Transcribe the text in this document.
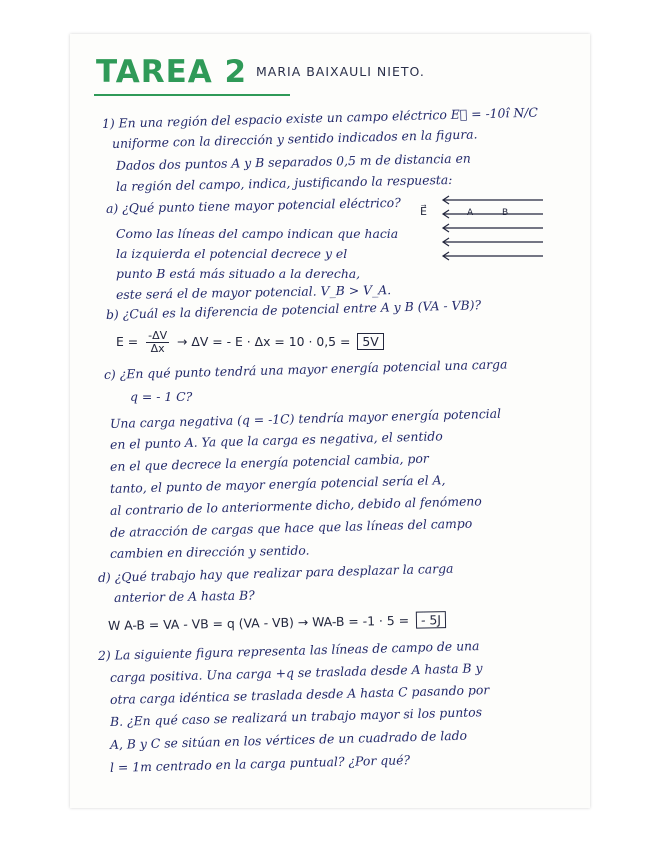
TAREA 2 MARIA BAIXAULI NIETO.
1) En una región del espacio existe un campo eléctrico E⃗ = -10î N/C
uniforme con la dirección y sentido indicados en la figura.
Dados dos puntos A y B separados 0,5 m de distancia en
la región del campo, indica, justificando la respuesta:
a) ¿Qué punto tiene mayor potencial eléctrico?
Como las líneas del campo indican que hacia
la izquierda el potencial decrece y el
punto B está más situado a la derecha,
este será el de mayor potencial. V_B > V_A.
E⃗	A	B
b) ¿Cuál es la diferencia de potencial entre A y B (VA - VB)?
$E = \frac{-\Delta V}{\Delta x} \to \Delta V$ = - E · Δx = 10 · 0,5 = 5V
c) ¿En qué punto tendrá una mayor energía potencial una carga
q = - 1 C?
Una carga negativa (q = -1C) tendría mayor energía potencial
en el punto A. Ya que la carga es negativa, el sentido
en el que decrece la energía potencial cambia, por
tanto, el punto de mayor energía potencial sería el A,
al contrario de lo anteriormente dicho, debido al fenómeno
de atracción de cargas que hace que las líneas del campo
cambien en dirección y sentido.
d) ¿Qué trabajo hay que realizar para desplazar la carga
anterior de A hasta B?
W A-B = VA - VB = q (VA - VB) → WA-B = -1 · 5 = - 5J
2) La siguiente figura representa las líneas de campo de una
carga positiva. Una carga +q se traslada desde A hasta B y
otra carga idéntica se traslada desde A hasta C pasando por
B. ¿En qué caso se realizará un trabajo mayor si los puntos
A, B y C se sitúan en los vértices de un cuadrado de lado
l = 1m centrado en la carga puntual? ¿Por qué?
